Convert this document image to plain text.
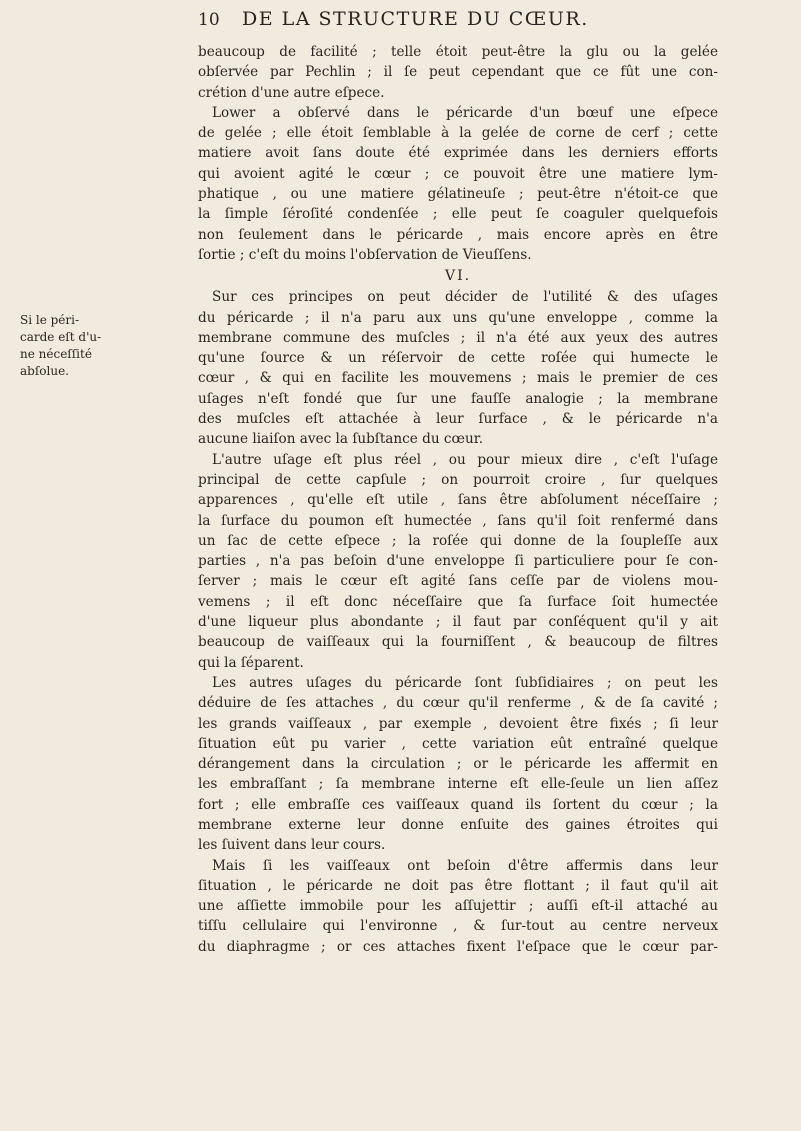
10 DE LA STRUCTURE DU CŒUR.
Si le péri-
carde eſt d'u-
ne néceſſité
abſolue.
beaucoup de facilité ; telle étoit peut-être la glu ou la gelée
obſervée par Pechlin ; il ſe peut cependant que ce fût une con-
crétion d'une autre eſpece.
Lower a obſervé dans le péricarde d'un bœuf une eſpece
de gelée ; elle étoit ſemblable à la gelée de corne de cerf ; cette
matiere avoit ſans doute été exprimée dans les derniers efforts
qui avoient agité le cœur ; ce pouvoit être une matiere lym-
phatique , ou une matiere gélatineuſe ; peut-être n'étoit-ce que
la ſimple ſéroſité condenſée ; elle peut ſe coaguler quelquefois
non ſeulement dans le péricarde , mais encore après en être
ſortie ; c'eſt du moins l'obſervation de Vieuſſens.
VI.
Sur ces principes on peut décider de l'utilité & des uſages
du péricarde ; il n'a paru aux uns qu'une enveloppe , comme la
membrane commune des muſcles ; il n'a été aux yeux des autres
qu'une ſource & un réſervoir de cette roſée qui humecte le
cœur , & qui en facilite les mouvemens ; mais le premier de ces
uſages n'eſt fondé que ſur une fauſſe analogie ; la membrane
des muſcles eſt attachée à leur ſurface , & le péricarde n'a
aucune liaiſon avec la ſubſtance du cœur.
L'autre uſage eſt plus réel , ou pour mieux dire , c'eſt l'uſage
principal de cette capſule ; on pourroit croire , ſur quelques
apparences , qu'elle eſt utile , ſans être abſolument néceſſaire ;
la ſurface du poumon eſt humectée , ſans qu'il ſoit renfermé dans
un ſac de cette eſpece ; la roſée qui donne de la ſoupleſſe aux
parties , n'a pas beſoin d'une enveloppe ſi particuliere pour ſe con-
ſerver ; mais le cœur eſt agité ſans ceſſe par de violens mou-
vemens ; il eſt donc néceſſaire que ſa ſurface ſoit humectée
d'une liqueur plus abondante ; il faut par conſéquent qu'il y ait
beaucoup de vaiſſeaux qui la fourniſſent , & beaucoup de filtres
qui la ſéparent.
Les autres uſages du péricarde ſont ſubſidiaires ; on peut les
déduire de ſes attaches , du cœur qu'il renferme , & de ſa cavité ;
les grands vaiſſeaux , par exemple , devoient être fixés ; ſi leur
ſituation eût pu varier , cette variation eût entraîné quelque
dérangement dans la circulation ; or le péricarde les affermit en
les embraſſant ; ſa membrane interne eſt elle-ſeule un lien aſſez
fort ; elle embraſſe ces vaiſſeaux quand ils ſortent du cœur ; la
membrane externe leur donne enſuite des gaines étroites qui
les ſuivent dans leur cours.
Mais ſi les vaiſſeaux ont beſoin d'être affermis dans leur
ſituation , le péricarde ne doit pas être flottant ; il faut qu'il ait
une aſſiette immobile pour les aſſujettir ; auſſi eſt-il attaché au
tiſſu cellulaire qui l'environne , & ſur-tout au centre nerveux
du diaphragme ; or ces attaches fixent l'eſpace que le cœur par-
